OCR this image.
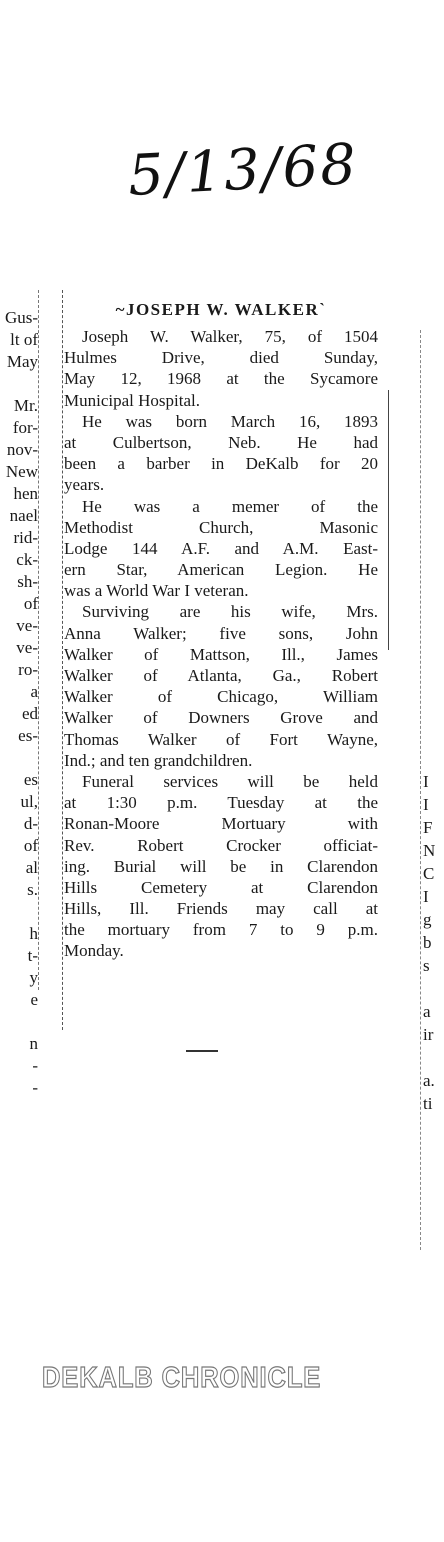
5/13/68
Gus-
lt of
May
Mr.
for-
nov-
New
hen
nael
rid-
ck-
sh-
of
ve-
ve-
ro-
a
ed
es-
es
ul,
d-
of
al
s.
h
t-
y
e
n
-
-
~JOSEPH W. WALKER`
Joseph W. Walker, 75, of 1504
Hulmes Drive, died Sunday,
May 12, 1968 at the Sycamore
Municipal Hospital.
He was born March 16, 1893
at Culbertson, Neb. He had
been a barber in DeKalb for 20
years.
He was a memer of the
Methodist Church, Masonic
Lodge 144 A.F. and A.M. East-
ern Star, American Legion. He
was a World War I veteran.
Surviving are his wife, Mrs.
Anna Walker; five sons, John
Walker of Mattson, Ill., James
Walker of Atlanta, Ga., Robert
Walker of Chicago, William
Walker of Downers Grove and
Thomas Walker of Fort Wayne,
Ind.; and ten grandchildren.
Funeral services will be held
at 1:30 p.m. Tuesday at the
Ronan-Moore Mortuary with
Rev. Robert Crocker officiat-
ing. Burial will be in Clarendon
Hills Cemetery at Clarendon
Hills, Ill. Friends may call at
the mortuary from 7 to 9 p.m.
Monday.
I
I
F
N
C
I
g
b
s
a
ir
a.
ti
DEKALB CHRONICLE
